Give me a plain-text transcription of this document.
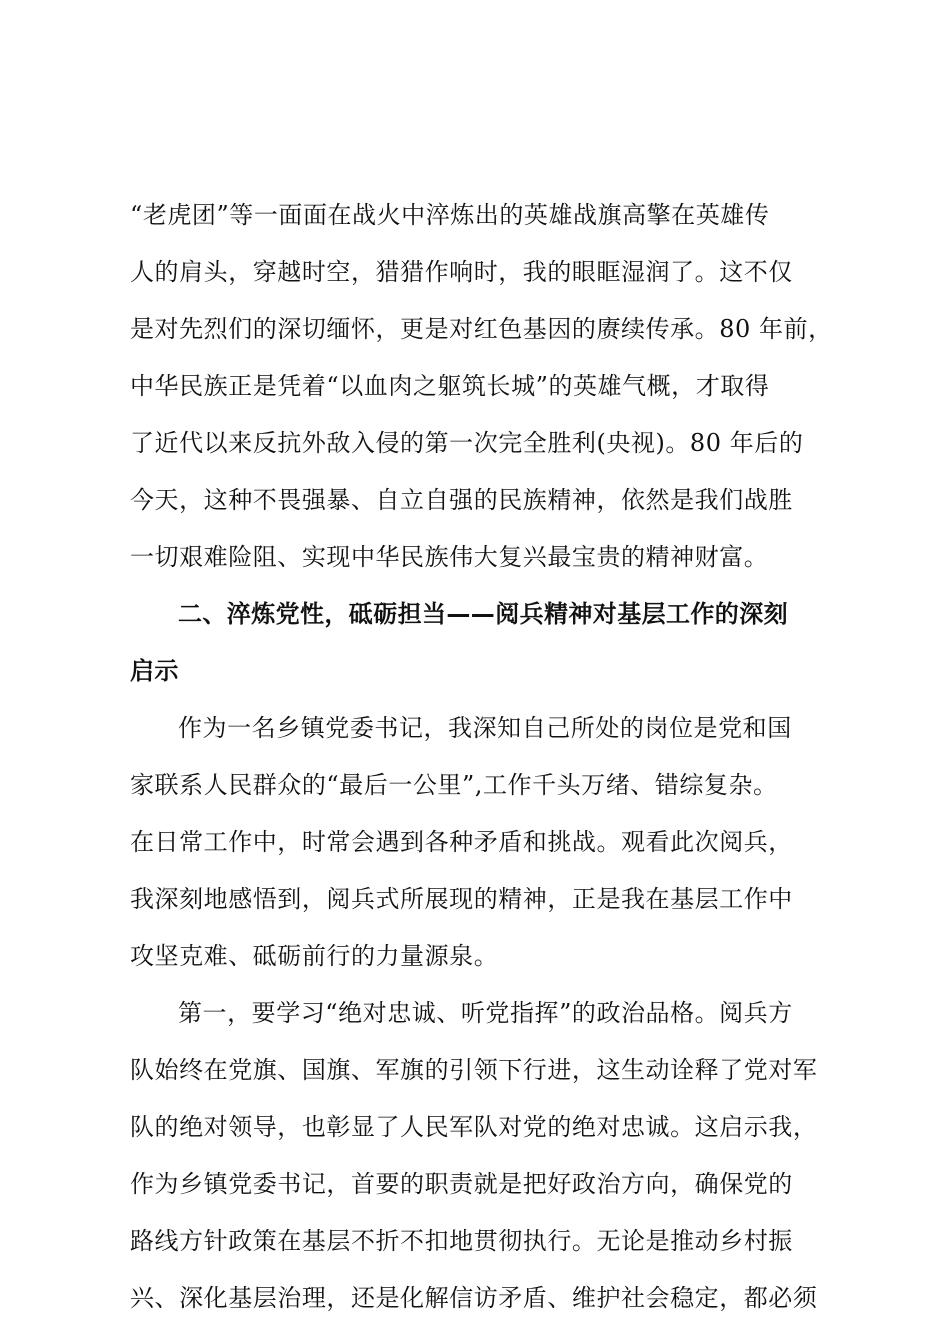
“老虎团”等一面面在战火中淬炼出的英雄战旗高擎在英雄传
人的肩头，穿越时空，猎猎作响时，我的眼眶湿润了。这不仅
是对先烈们的深切缅怀，更是对红色基因的赓续传承。80 年前，
中华民族正是凭着“以血肉之躯筑长城”的英雄气概，才取得
了近代以来反抗外敌入侵的第一次完全胜利(央视)。80 年后的
今天，这种不畏强暴、自立自强的民族精神，依然是我们战胜
一切艰难险阻、实现中华民族伟大复兴最宝贵的精神财富。

二、淬炼党性，砥砺担当——阅兵精神对基层工作的深刻
启示

作为一名乡镇党委书记，我深知自己所处的岗位是党和国
家联系人民群众的“最后一公里”,工作千头万绪、错综复杂。
在日常工作中，时常会遇到各种矛盾和挑战。观看此次阅兵，
我深刻地感悟到，阅兵式所展现的精神，正是我在基层工作中
攻坚克难、砥砺前行的力量源泉。

第一，要学习“绝对忠诚、听党指挥”的政治品格。阅兵方
队始终在党旗、国旗、军旗的引领下行进，这生动诠释了党对军
队的绝对领导，也彰显了人民军队对党的绝对忠诚。这启示我，
作为乡镇党委书记，首要的职责就是把好政治方向，确保党的
路线方针政策在基层不折不扣地贯彻执行。无论是推动乡村振
兴、深化基层治理，还是化解信访矛盾、维护社会稳定，都必须
